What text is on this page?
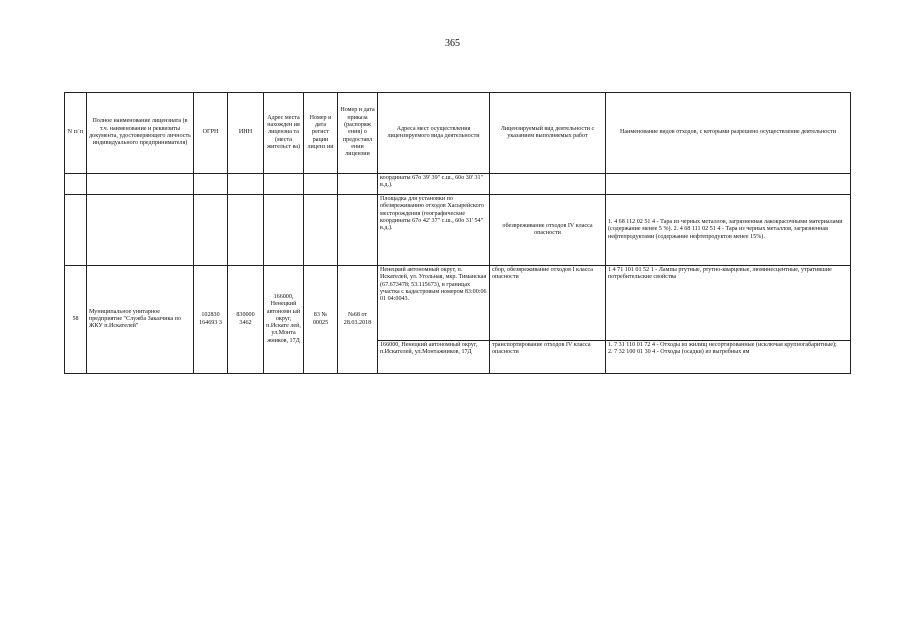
365
N п/ п	Полное наименование лицензиата (в т.ч. наименование и реквизиты документа, удостоверяющего личность индивидуального предпринимателя)	ОГРН	ИНН	Адрес места нахожден ия лицензиа та (места жительст ва)	Номер и дата регист рации лиценз ии	Номер и дата приказа (распоряж ения) о предоставл ении лицензии	Адреса мест осуществления лицензируемого вида деятельности	Лицензируемый вид деятельности с указанием выполняемых работ	Наименование видов отходов, с которыми разрешено осуществление деятельности
							координаты 67о 39' 39" с.ш., 60о 30' 31" в.д.).		
							Площадка для установки по обезвреживанию отходов Хасырейского месторождения (географические координаты 67о 42' 37" с.ш., 60о 31' 54" в.д.).	обезвреживание отходов IV класса опасности	1. 4 68 112 02 51 4 - Тара из черных металлов, загрязненная лакокрасочными материалами (содержание менее 5 %). 2. 4 68 111 02 51 4 - Тара из черных металлов, загрязненная нефтепродуктами (содержание нефтепродуктов менее 15%).
58	Муниципальное унитарное предприятие "Служба Заказчика по ЖКУ п.Искателей"	102830 164693 3	830000 3462	166000, Ненецкий автономн ый округ, п.Искате лей, ул.Монта жников, 17Д	83 № 00025	№68 от 28.03.2018	Ненецкий автономный округ, п. Искателей, ул. Угольная, мкр. Тиманская (67.673478; 53.115673), в границах участка с кадастровым номером 83:00:06 01 04:0043.	сбор, обезвреживание отходов I класса опасности	1 4 71 101 01 52 1 - Лампы ртутные, ртутно-кварцевые, люминесцентные, утратившие потребительские свойства
							166000, Ненецкий автономный округ, п.Искателей, ул.Монтажников, 17Д	транспортирование отходов IV класса опасности	1. 7 31 110 01 72 4 - Отходы из жилищ несортированные (исключая крупногабаритные);
2. 7 32 100 01 30 4 - Отходы (осадки) из выгребных ям
